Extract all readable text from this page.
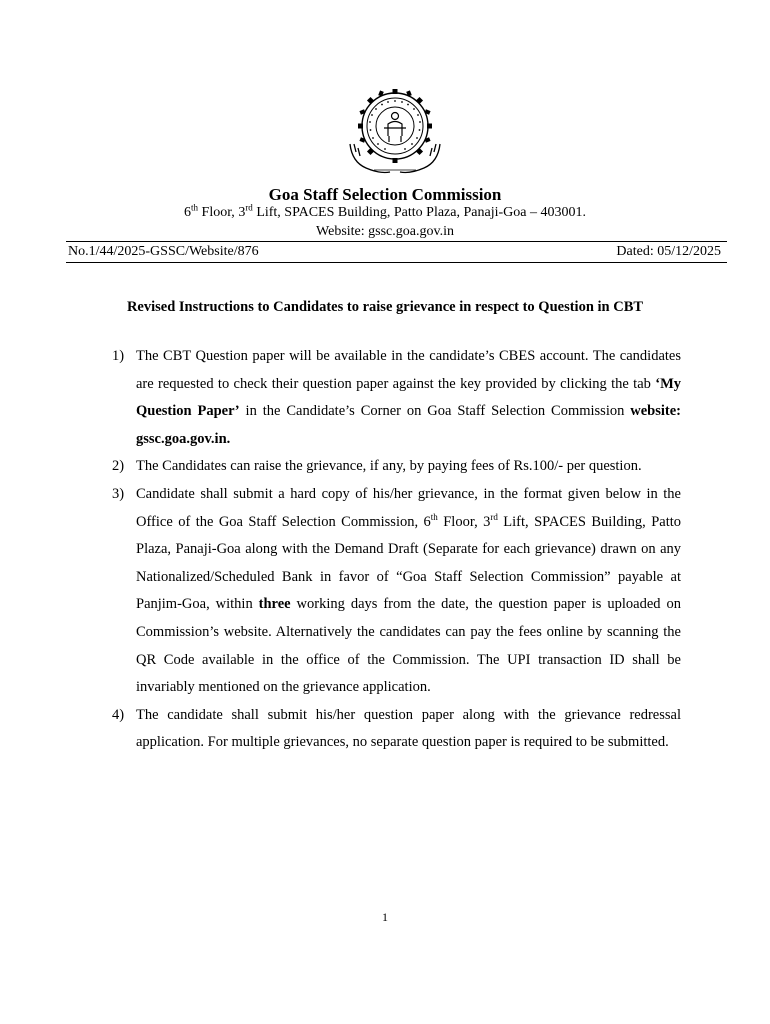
Goa Staff Selection Commission
6th Floor, 3rd Lift, SPACES Building, Patto Plaza, Panaji-Goa – 403001.
Website: gssc.goa.gov.in
No.1/44/2025-GSSC/Website/876	Dated: 05/12/2025
Revised Instructions to Candidates to raise grievance in respect to Question in CBT
1) The CBT Question paper will be available in the candidate’s CBES account. The candidates are requested to check their question paper against the key provided by clicking the tab ‘My Question Paper’ in the Candidate’s Corner on Goa Staff Selection Commission website: gssc.goa.gov.in.
2) The Candidates can raise the grievance, if any, by paying fees of Rs.100/- per question.
3) Candidate shall submit a hard copy of his/her grievance, in the format given below in the Office of the Goa Staff Selection Commission, 6th Floor, 3rd Lift, SPACES Building, Patto Plaza, Panaji-Goa along with the Demand Draft (Separate for each grievance) drawn on any Nationalized/Scheduled Bank in favor of “Goa Staff Selection Commission” payable at Panjim-Goa, within three working days from the date, the question paper is uploaded on Commission’s website. Alternatively the candidates can pay the fees online by scanning the QR Code available in the office of the Commission. The UPI transaction ID shall be invariably mentioned on the grievance application.
4) The candidate shall submit his/her question paper along with the grievance redressal application. For multiple grievances, no separate question paper is required to be submitted.
1
